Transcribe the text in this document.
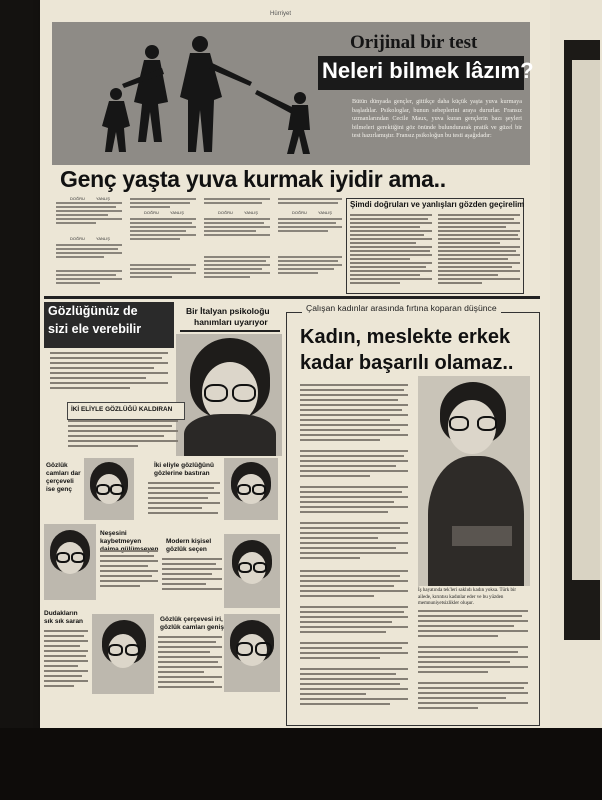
Hürriyet
Orijinal bir test
Neleri bilmek lâzım?
Bütün dünyada gençler, gittikçe daha küçük yaşta yuva kurmaya başladılar. Psikologlar, bunun sebeplerini araya dururlar. Fransız uzmanlarından Cecile Maux, yuva kuran gençlerin bazı şeyleri bilmeleri gerektiğini göz önünde bulundurarak pratik ve güzel bir test hazırlamıştır. Fransız psikoloğun bu testi aşağıdadır:
Genç yaşta yuva kurmak iyidir ama..
DOĞRU	YANLIŞ
DOĞRU	YANLIŞ	DOĞRU	YANLIŞ
DOĞRU	YANLIŞ
DOĞRU	YANLIŞ
Şimdi doğruları ve yanlışları gözden geçirelim
Gözlüğünüz de
sizi ele verebilir
Bir İtalyan psikoloğu
hanımları uyarıyor
İKİ ELİYLE GÖZLÜĞÜ KALDIRAN
Gözlük camları dar çerçeveli ise genç
İki eliyle gözlüğünü gözlerine bastıran
Neşesini kaybetmeyen	Modern kişisel gözlük seçen
Dudakların sık sık saran	Gözlük çerçevesi iri, gözlük camları geniş
Çalışan kadınlar arasında fırtına koparan düşünce
Kadın, meslekte erkek
kadar başarılı olamaz..
İş hayatında tek'leri saklıdı kadın yoksa. Türk bir ailede, kırıntısı kadınlar eder ve bu yüzden memnuniyetsizlikler oluşur.
